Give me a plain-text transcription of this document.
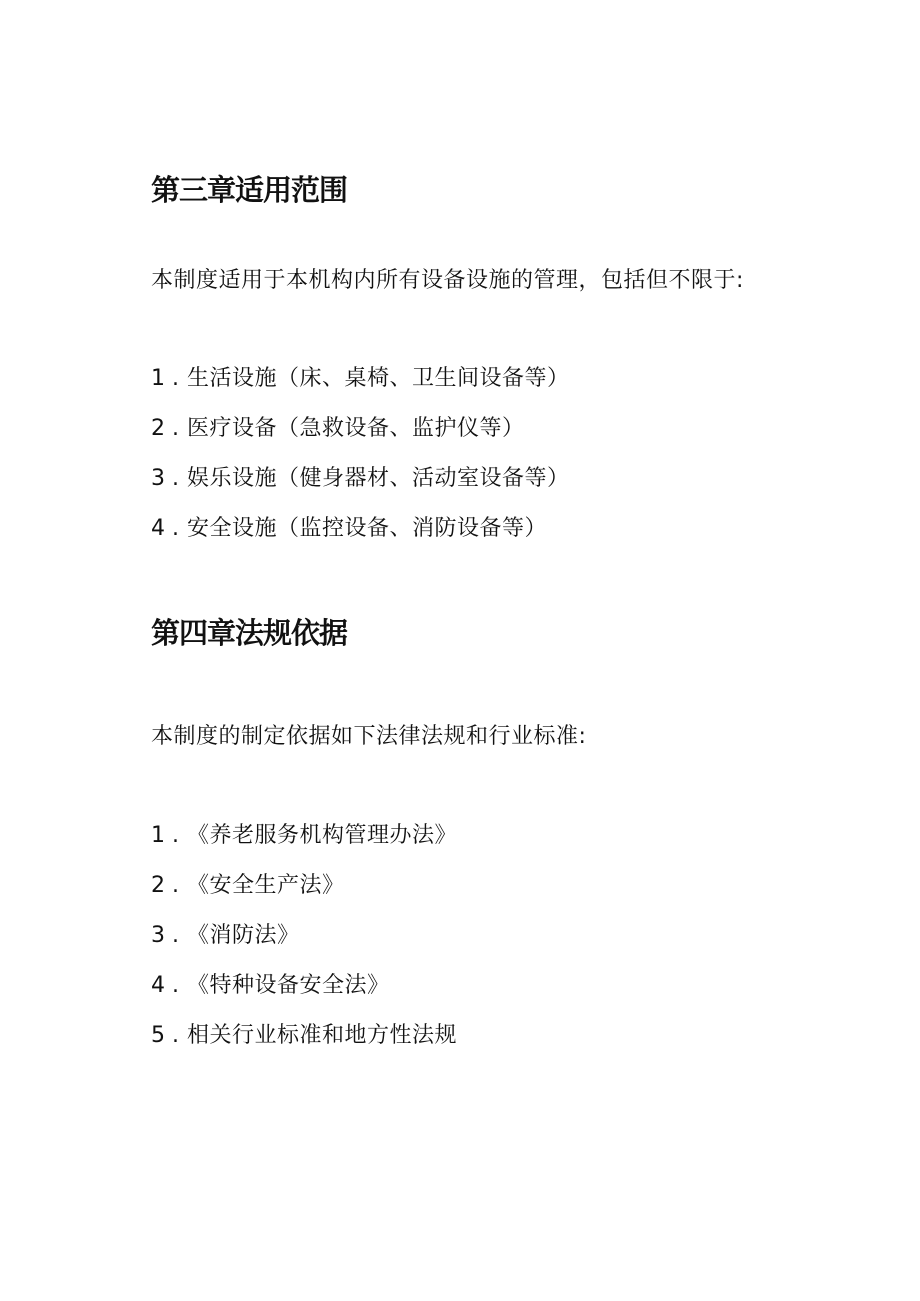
第三章适用范围
本制度适用于本机构内所有设备设施的管理，包括但不限于:
1.生活设施（床、桌椅、卫生间设备等）
2.医疗设备（急救设备、监护仪等）
3.娱乐设施（健身器材、活动室设备等）
4.安全设施（监控设备、消防设备等）
第四章法规依据
本制度的制定依据如下法律法规和行业标准:
1.《养老服务机构管理办法》
2.《安全生产法》
3.《消防法》
4.《特种设备安全法》
5.相关行业标准和地方性法规
